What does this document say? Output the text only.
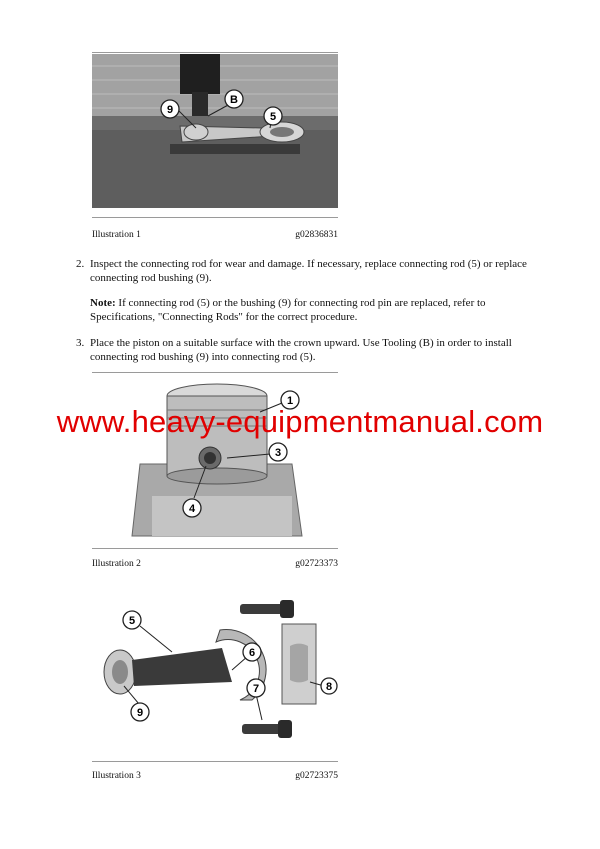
9
B
5
Illustration 1	g02836831
2. Inspect the connecting rod for wear and damage. If necessary, replace connecting rod (5) or replace connecting rod bushing (9).
Note: If connecting rod (5) or the bushing (9) for connecting rod pin are replaced, refer to Specifications, "Connecting Rods" for the correct procedure.
3. Place the piston on a suitable surface with the crown upward. Use Tooling (B) in order to install connecting rod bushing (9) into connecting rod (5).
1
3
4
Illustration 2	g02723373
5
6
7	8
9
Illustration 3	g02723375
www.heavy-equipmentmanual.com
